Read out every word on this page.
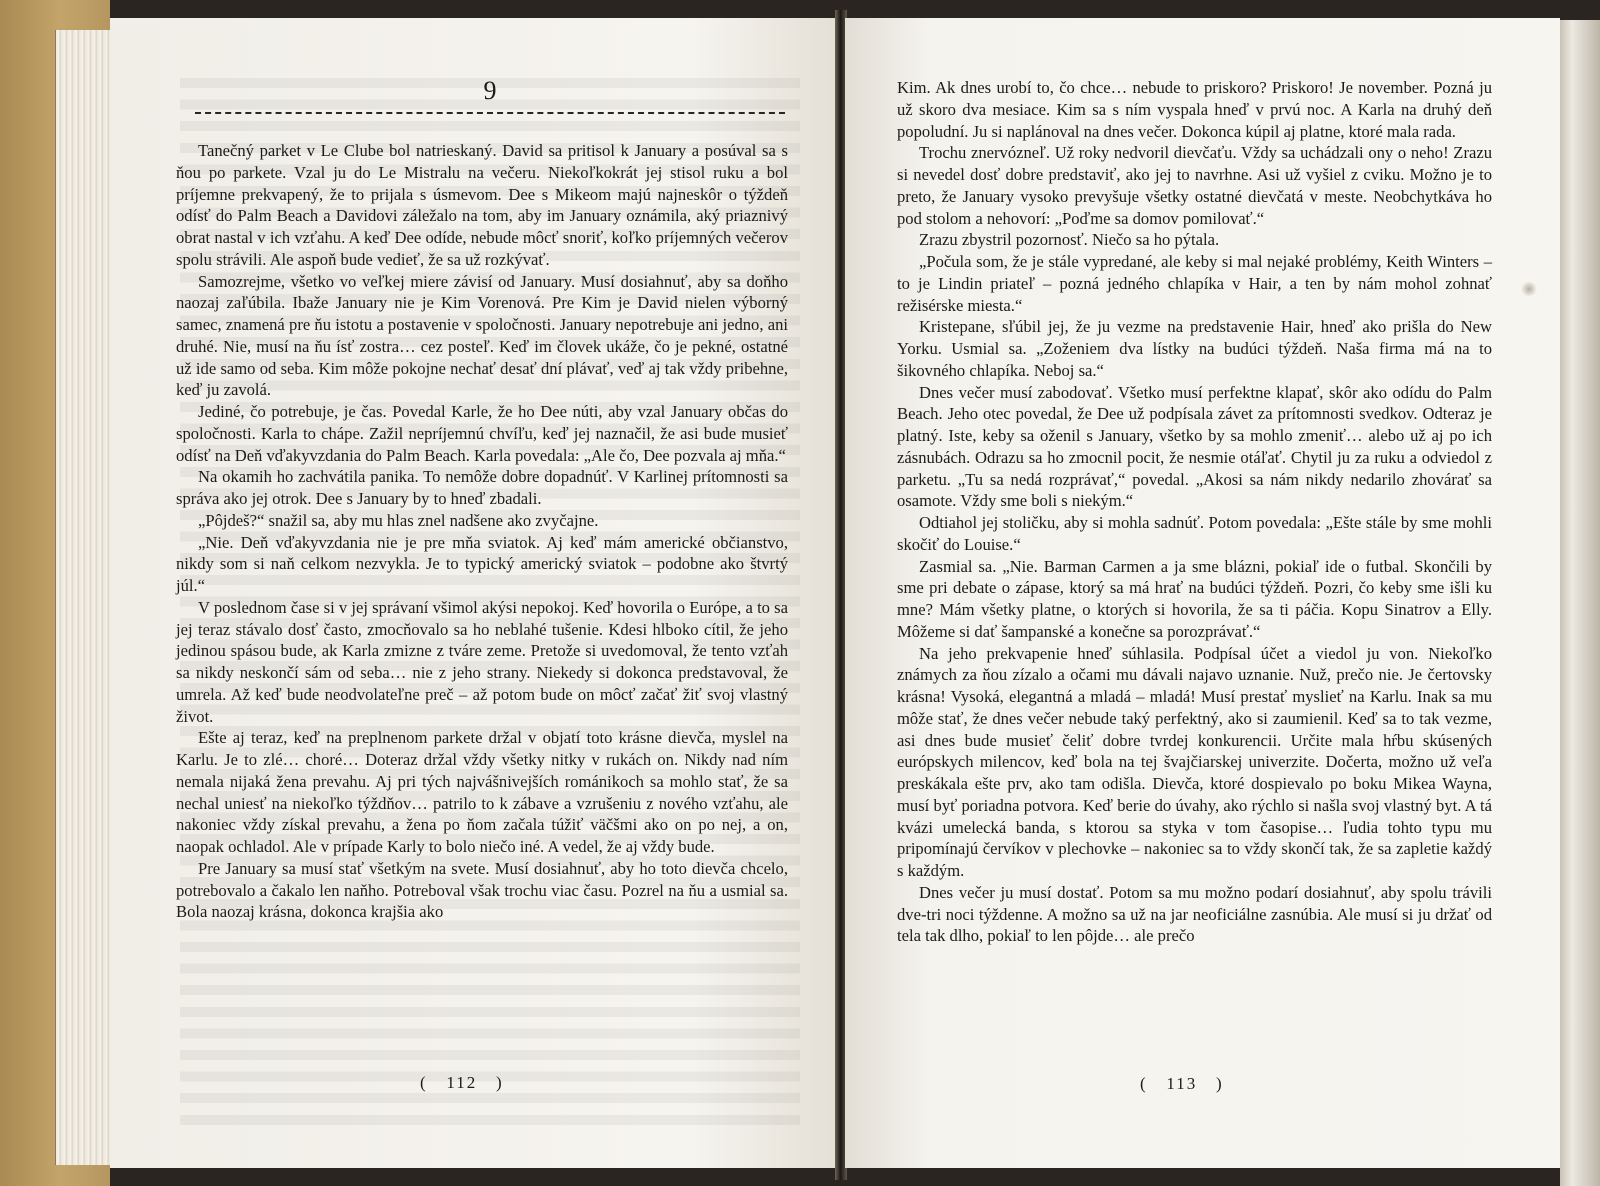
9

Tanečný parket v Le Clube bol natrieskaný. David sa pritisol k January a posúval sa s ňou po parkete. Vzal ju do Le Mistralu na večeru. Niekoľkokrát jej stisol ruku a bol príjemne prekvapený, že to prijala s úsmevom. Dee s Mikeom majú najneskôr o týždeň odísť do Palm Beach a Davidovi záležalo na tom, aby im January oznámila, aký priaznivý obrat nastal v ich vzťahu. A keď Dee odíde, nebude môcť snoriť, koľko príjemných večerov spolu strávili. Ale aspoň bude vedieť, že sa už rozkývať.

Samozrejme, všetko vo veľkej miere závisí od January. Musí dosiahnuť, aby sa doňho naozaj zaľúbila. Ibaže January nie je Kim Vorenová. Pre Kim je David nielen výborný samec, znamená pre ňu istotu a postavenie v spoločnosti. January nepotrebuje ani jedno, ani druhé. Nie, musí na ňu ísť zostra… cez posteľ. Keď im človek ukáže, čo je pekné, ostatné už ide samo od seba. Kim môže pokojne nechať desať dní plávať, veď aj tak vždy pribehne, keď ju zavolá.

Jediné, čo potrebuje, je čas. Povedal Karle, že ho Dee núti, aby vzal January občas do spoločnosti. Karla to chápe. Zažil nepríjemnú chvíľu, keď jej naznačil, že asi bude musieť odísť na Deň vďakyvzdania do Palm Beach. Karla povedala: „Ale čo, Dee pozvala aj mňa.“

Na okamih ho zachvátila panika. To nemôže dobre dopadnúť. V Karlinej prítomnosti sa správa ako jej otrok. Dee s January by to hneď zbadali.

„Pôjdeš?“ snažil sa, aby mu hlas znel nadšene ako zvyčajne.

„Nie. Deň vďakyvzdania nie je pre mňa sviatok. Aj keď mám americké občianstvo, nikdy som si naň celkom nezvykla. Je to typický americký sviatok – podobne ako štvrtý júl.“

V poslednom čase si v jej správaní všimol akýsi nepokoj. Keď hovorila o Európe, a to sa jej teraz stávalo dosť často, zmocňovalo sa ho neblahé tušenie. Kdesi hlboko cítil, že jeho jedinou spásou bude, ak Karla zmizne z tváre zeme. Pretože si uvedomoval, že tento vzťah sa nikdy neskončí sám od seba… nie z jeho strany. Niekedy si dokonca predstavoval, že umrela. Až keď bude neodvolateľne preč – až potom bude on môcť začať žiť svoj vlastný život.

Ešte aj teraz, keď na preplnenom parkete držal v objatí toto krásne dievča, myslel na Karlu. Je to zlé… choré… Doteraz držal vždy všetky nitky v rukách on. Nikdy nad ním nemala nijaká žena prevahu. Aj pri tých najvášnivejších románikoch sa mohlo stať, že sa nechal uniesť na niekoľko týždňov… patrilo to k zábave a vzrušeniu z nového vzťahu, ale nakoniec vždy získal prevahu, a žena po ňom začala túžiť väčšmi ako on po nej, a on, naopak ochladol. Ale v prípade Karly to bolo niečo iné. A vedel, že aj vždy bude.

Pre January sa musí stať všetkým na svete. Musí dosiahnuť, aby ho toto dievča chcelo, potrebovalo a čakalo len naňho. Potreboval však trochu viac času. Pozrel na ňu a usmial sa. Bola naozaj krásna, dokonca krajšia ako

(   112   )

Kim. Ak dnes urobí to, čo chce… nebude to priskoro? Priskoro! Je november. Pozná ju už skoro dva mesiace. Kim sa s ním vyspala hneď v prvú noc. A Karla na druhý deň popoludní. Ju si naplánoval na dnes večer. Dokonca kúpil aj platne, ktoré mala rada.

Trochu znervózneľ. Už roky nedvoril dievčaťu. Vždy sa uchádzali ony o neho! Zrazu si nevedel dosť dobre predstaviť, ako jej to navrhne. Asi už vyšiel z cviku. Možno je to preto, že January vysoko prevyšuje všetky ostatné dievčatá v meste. Neobchytkáva ho pod stolom a nehovorí: „Poďme sa domov pomilovať.“

Zrazu zbystril pozornosť. Niečo sa ho pýtala.

„Počula som, že je stále vypredané, ale keby si mal nejaké problémy, Keith Winters – to je Lindin priateľ – pozná jedného chlapíka v Hair, a ten by nám mohol zohnať režisérske miesta.“

Kristepane, sľúbil jej, že ju vezme na predstavenie Hair, hneď ako prišla do New Yorku. Usmial sa. „Zoženiem dva lístky na budúci týždeň. Naša firma má na to šikovného chlapíka. Neboj sa.“

Dnes večer musí zabodovať. Všetko musí perfektne klapať, skôr ako odídu do Palm Beach. Jeho otec povedal, že Dee už podpísala závet za prítomnosti svedkov. Odteraz je platný. Iste, keby sa oženil s January, všetko by sa mohlo zmeniť… alebo už aj po ich zásnubách. Odrazu sa ho zmocnil pocit, že nesmie otáľať. Chytil ju za ruku a odviedol z parketu. „Tu sa nedá rozprávať,“ povedal. „Akosi sa nám nikdy nedarilo zhovárať sa osamote. Vždy sme boli s niekým.“

Odtiahol jej stoličku, aby si mohla sadnúť. Potom povedala: „Ešte stále by sme mohli skočiť do Louise.“

Zasmial sa. „Nie. Barman Carmen a ja sme blázni, pokiaľ ide o futbal. Skončili by sme pri debate o zápase, ktorý sa má hrať na budúci týždeň. Pozri, čo keby sme išli ku mne? Mám všetky platne, o ktorých si hovorila, že sa ti páčia. Kopu Sinatrov a Elly. Môžeme si dať šampanské a konečne sa porozprávať.“

Na jeho prekvapenie hneď súhlasila. Podpísal účet a viedol ju von. Niekoľko známych za ňou zízalo a očami mu dávali najavo uznanie. Nuž, prečo nie. Je čertovsky krásna! Vysoká, elegantná a mladá – mladá! Musí prestať myslieť na Karlu. Inak sa mu môže stať, že dnes večer nebude taký perfektný, ako si zaumienil. Keď sa to tak vezme, asi dnes bude musieť čeliť dobre tvrdej konkurencii. Určite mala hŕbu skúsených európskych milencov, keď bola na tej švajčiarskej univerzite. Dočerta, možno už veľa preskákala ešte prv, ako tam odišla. Dievča, ktoré dospievalo po boku Mikea Wayna, musí byť poriadna potvora. Keď berie do úvahy, ako rýchlo si našla svoj vlastný byt. A tá kvázi umelecká banda, s ktorou sa styka v tom časopise… ľudia tohto typu mu pripomínajú červíkov v plechovke – nakoniec sa to vždy skončí tak, že sa zapletie každý s každým.

Dnes večer ju musí dostať. Potom sa mu možno podarí dosiahnuť, aby spolu trávili dve-tri noci týždenne. A možno sa už na jar neoficiálne zasnúbia. Ale musí si ju držať od tela tak dlho, pokiaľ to len pôjde… ale prečo

(   113   )
